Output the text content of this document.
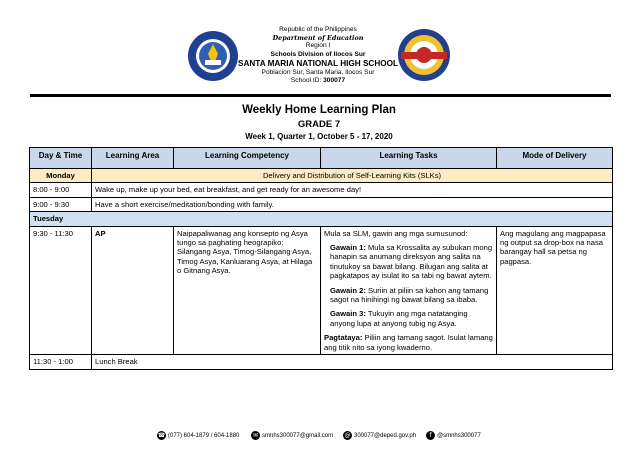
Republic of the Philippines
Department of Education
Region I
Schools Division of Ilocos Sur
SANTA MARIA NATIONAL HIGH SCHOOL
Poblacion Sur, Santa Maria, Ilocos Sur
School ID: 300077
Weekly Home Learning Plan
GRADE 7
Week 1, Quarter 1, October 5 - 17, 2020
Day & Time	Learning Area	Learning Competency	Learning Tasks	Mode of Delivery
Monday	Delivery and Distribution of Self-Learning Kits (SLKs)			
8:00 - 9:00	Wake up, make up your bed, eat breakfast, and get ready for an awesome day!			
9:00 - 9:30	Have a short exercise/meditation/bonding with family.			
Tuesday				
9:30 - 11:30	AP	Naipapaliwanag ang konsepto ng Asya tungo sa paghating heograpiko: Silangang Asya, Timog-Silangang Asya, Timog Asya, Kanluarang Asya, at Hilaga o Gitnang Asya.	Mula sa SLM, gawin ang mga sumusunod:

Gawain 1: Mula sa Krossalita ay subukan mong hanapin sa anumang direksyon ang salita na tinutukoy sa bawat bilang. Bilugan ang salita at pagkatapos ay isulat ito sa tabi ng bawat aytem.

Gawain 2: Suriin at piliin sa kahon ang tamang sagot na hinihingi ng bawat bilang sa ibaba.

Gawain 3: Tukuyin ang mga natatanging anyong lupa at anyong tubig ng Asya.

Pagtataya: Piliin ang tamang sagot. Isulat lamang ang titik nito sa iyong kwaderno.	Ang magulang ang magpapasa ng output sa drop-box na nasa barangay hall sa petsa ng pagpasa.
11:30 - 1:00	Lunch Break			
☎ (077) 604-1879 / 604-1880	✉ smnhs300077@gmail.com @ 300077@deped.gov.ph	f @smnhs300077
